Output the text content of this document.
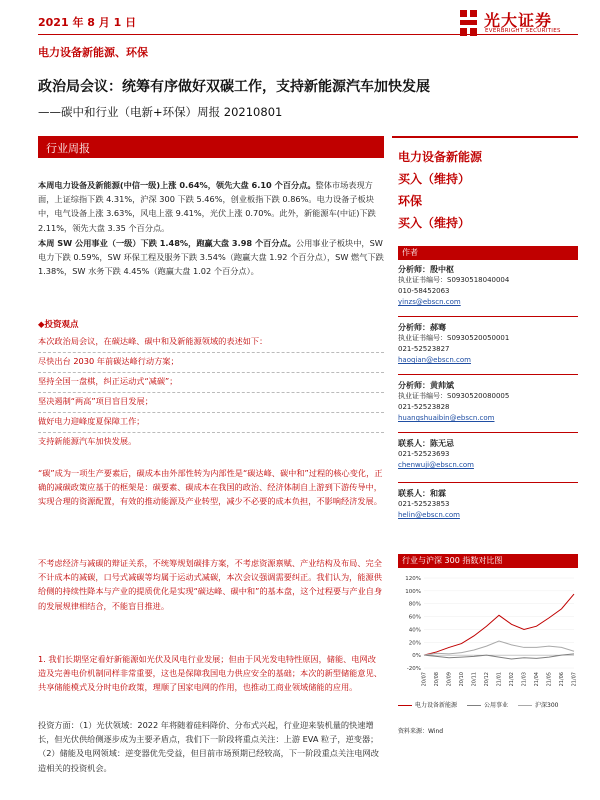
2021 年 8 月 1 日	光大证券
EVERBRIGHT SECURITIES
电力设备新能源、环保
政治局会议：统筹有序做好双碳工作，支持新能源汽车加快发展
——碳中和行业（电新+环保）周报 20210801
行业周报
电力设备新能源
买入（维持）
环保
买入（维持）
本周电力设备及新能源(中信一级)上涨 0.64%，领先大盘 6.10 个百分点。整体市场表现方面，上证综指下跌 4.31%，沪深 300 下跌 5.46%，创业板指下跌 0.86%。电力设备子板块中，电气设备上涨 3.63%，风电上涨 9.41%，光伏上涨 0.70%。此外，新能源车(中证)下跌 2.11%，领先大盘 3.35 个百分点。
本周 SW 公用事业（一级）下跌 1.48%，跑赢大盘 3.98 个百分点。公用事业子板块中，SW 电力下跌 0.59%，SW 环保工程及服务下跌 3.54%（跑赢大盘 1.92 个百分点），SW 燃气下跌 1.38%，SW 水务下跌 4.45%（跑赢大盘 1.02 个百分点）。
◆投资观点
本次政治局会议，在碳达峰、碳中和及新能源领域的表述如下：
尽快出台 2030 年前碳达峰行动方案；
坚持全国一盘棋，纠正运动式“减碳”；
坚决遏制“两高”项目盲目发展；
做好电力迎峰度夏保障工作；
支持新能源汽车加快发展。
“碳”成为一项生产要素后，碳成本由外部性转为内部性是“碳达峰、碳中和”过程的核心变化，正确的减碳政策应基于的框架是：碳要素、碳成本在我国的政治、经济体制自上游到下游传导中，实现合理的资源配置，有效的推动能源及产业转型，减少不必要的成本负担，不影响经济发展。
不考虑经济与减碳的辩证关系，不统筹规划碳排方案，不考虑资源禀赋、产业结构及布局、完全不计成本的减碳，口号式减碳等均属于运动式减碳，本次会议强调需要纠正。我们认为，能源供给侧的持续性降本与产业的提质优化是实现“碳达峰、碳中和”的基本盘，这个过程要与产业自身的发展规律相结合，不能盲目推进。
1. 我们长期坚定看好新能源如光伏及风电行业发展；但由于风光发电特性原因，储能、电网改造及完善电价机制同样非常重要，这也是保障我国电力供应安全的基础；本次的新型储能意见、共享储能模式及分时电价政策，理顺了国家电网的作用，也推动工商业领域储能的应用。
投资方面：（1）光伏领域：2022 年将随着硅料降价、分布式兴起，行业迎来装机量的快速增长，但光伏供给侧逐步成为主要矛盾点，我们下一阶段将重点关注：上游 EVA 粒子，逆变器；（2）储能及电网领域：逆变器优先受益，但目前市场预期已经较高，下一阶段重点关注电网改造相关的投资机会。
作者
分析师：殷中枢
执业证书编号：S0930518040004
010-58452063
yinzs@ebscn.com
分析师：郝骞
执业证书编号：S0930520050001
021-52523827
haoqian@ebscn.com
分析师：黄帅斌
执业证书编号：S0930520080005
021-52523828
huangshuaibin@ebscn.com
联系人：陈无忌
021-52523693
chenwuji@ebscn.com
联系人：和霖
021-52523853
helin@ebscn.com
行业与沪深 300 指数对比图
120%
100%
80%
60%
40%
20%
0%
-20%
20/07 20/08 20/09 20/10 20/11 20/12 21/01 21/02 21/03 21/04 21/05 21/06 21/07
电力设备新能源	公用事业	沪深300
资料来源：Wind
